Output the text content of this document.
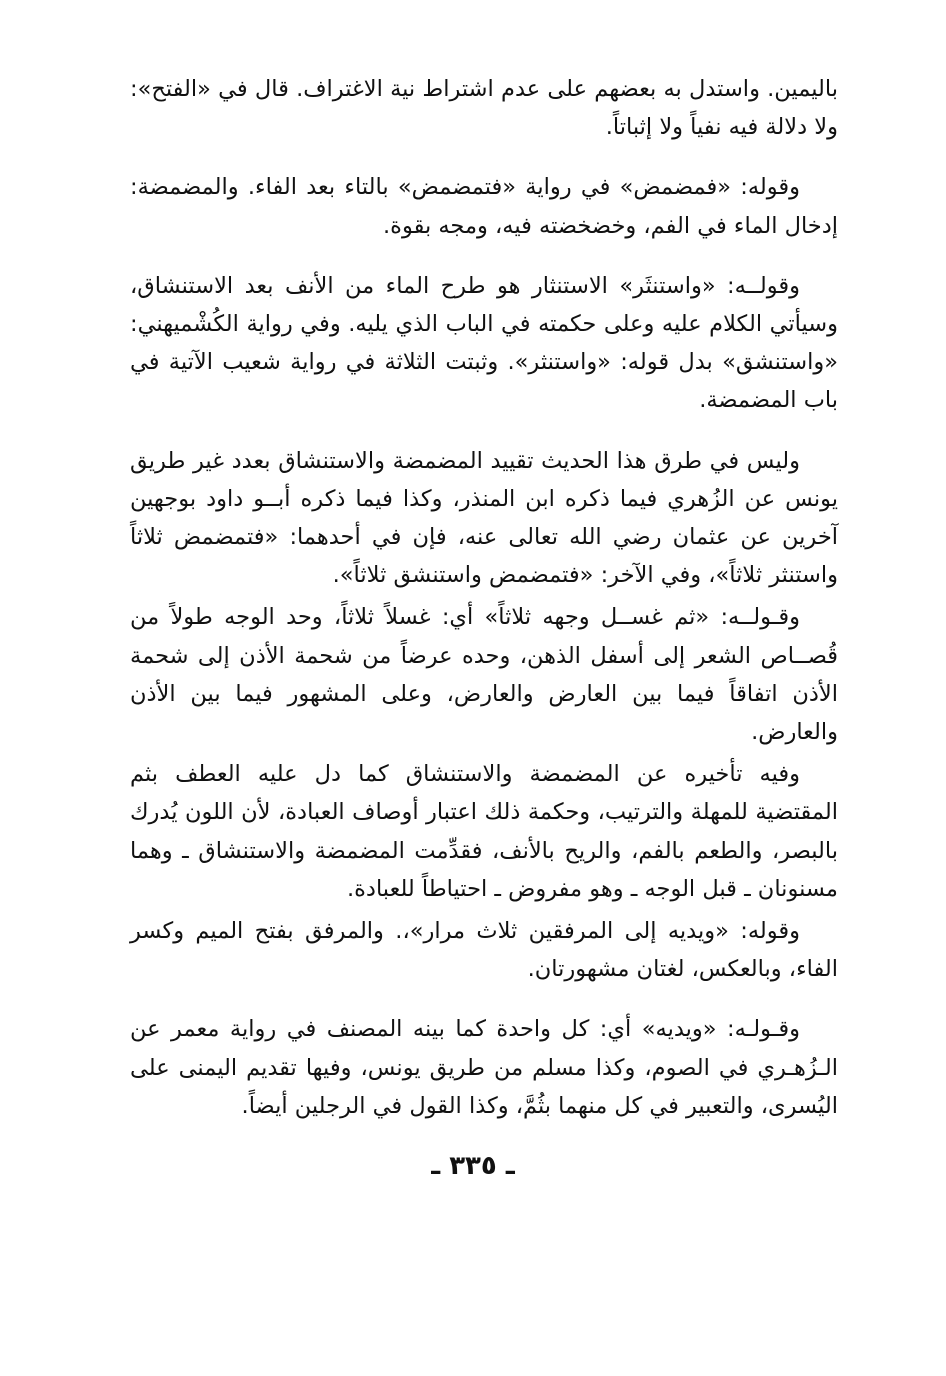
باليمين. واستدل به بعضهم على عدم اشتراط نية الاغتراف. قال في «الفتح»: ولا دلالة فيه نفياً ولا إثباتاً.

وقوله: «فمضمض» في رواية «فتمضمض» بالتاء بعد الفاء. والمضمضة: إدخال الماء في الفم، وخضخضته فيه، ومجه بقوة.

وقولــه: «واستنثَر» الاستنثار هو طرح الماء من الأنف بعد الاستنشاق، وسيأتي الكلام عليه وعلى حكمته في الباب الذي يليه. وفي رواية الكُشْميهني: «واستنشق» بدل قوله: «واستنثر». وثبتت الثلاثة في رواية شعيب الآتية في باب المضمضة.

وليس في طرق هذا الحديث تقييد المضمضة والاستنشاق بعدد غير طريق يونس عن الزُهري فيما ذكره ابن المنذر، وكذا فيما ذكره أبــو داود بوجهين آخرين عن عثمان رضي الله تعالى عنه، فإن في أحدهما: «فتمضمض ثلاثاً واستنثر ثلاثاً»، وفي الآخر: «فتمضمض واستنشق ثلاثاً».

وقـولــه: «ثم غســل وجهه ثلاثاً» أي: غسلاً ثلاثاً، وحد الوجه طولاً من قُصــاص الشعر إلى أسفل الذهن، وحده عرضاً من شحمة الأذن إلى شحمة الأذن اتفاقاً فيما بين العارض والعارض، وعلى المشهور فيما بين الأذن والعارض.

وفيه تأخيره عن المضمضة والاستنشاق كما دل عليه العطف بثم المقتضية للمهلة والترتيب، وحكمة ذلك اعتبار أوصاف العبادة، لأن اللون يُدرك بالبصر، والطعم بالفم، والريح بالأنف، فقدِّمت المضمضة والاستنشاق ـ وهما مسنونان ـ قبل الوجه ـ وهو مفروض ـ احتياطاً للعبادة.

وقوله: «ويديه إلى المرفقين ثلاث مرار»،. والمرفق بفتح الميم وكسر الفاء، وبالعكس، لغتان مشهورتان.

وقـولـه: «ويديه» أي: كل واحدة كما بينه المصنف في رواية معمر عن الـزُهـري في الصوم، وكذا مسلم من طريق يونس، وفيها تقديم اليمنى على اليُسرى، والتعبير في كل منهما بثُمَّ، وكذا القول في الرجلين أيضاً.

ـ ٣٣٥ ـ
